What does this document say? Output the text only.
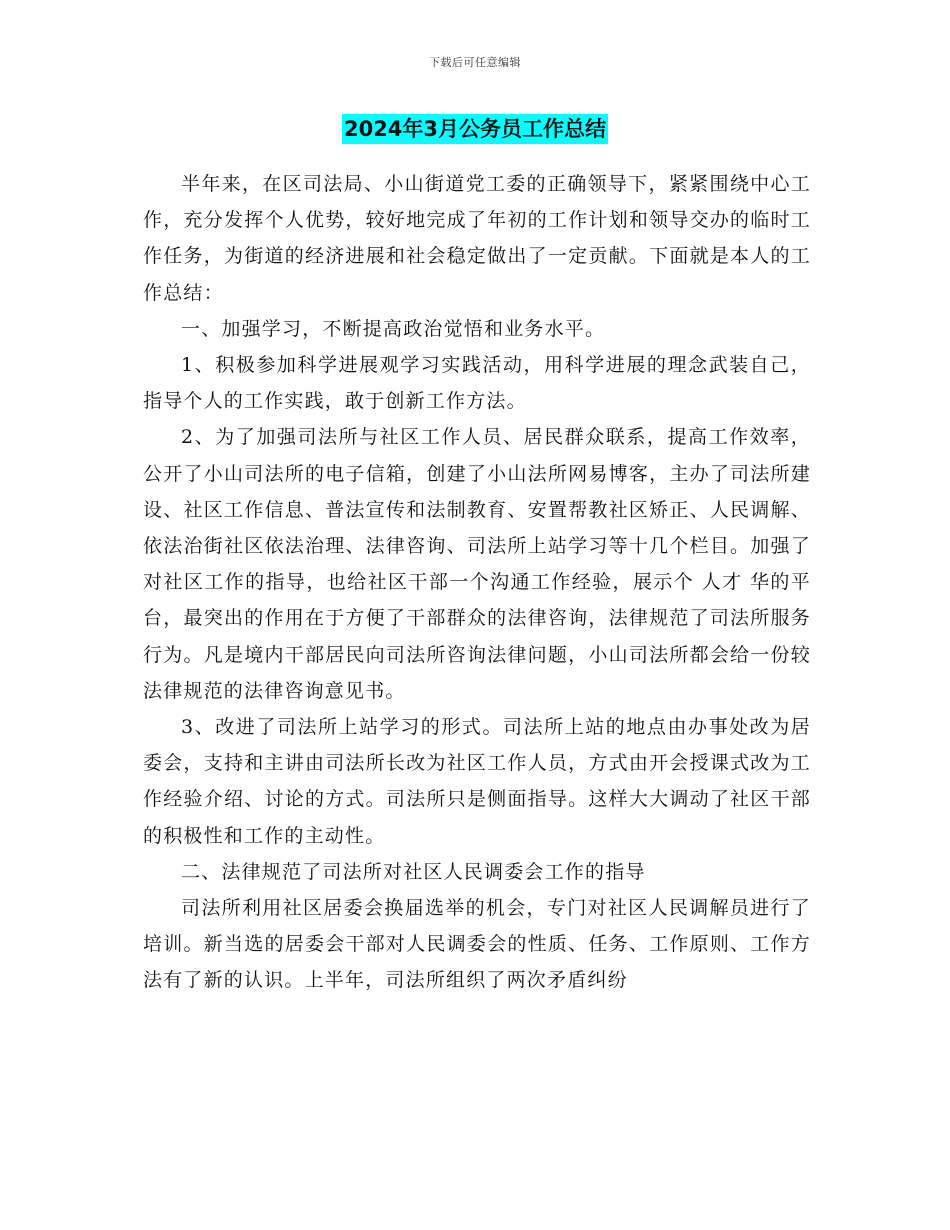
下载后可任意编辑
2024年3月公务员工作总结

半年来，在区司法局、小山街道党工委的正确领导下，紧紧围绕中心工作，充分发挥个人优势，较好地完成了年初的工作计划和领导交办的临时工作任务，为街道的经济进展和社会稳定做出了一定贡献。下面就是本人的工作总结：

一、加强学习，不断提高政治觉悟和业务水平。

1、积极参加科学进展观学习实践活动，用科学进展的理念武装自己，指导个人的工作实践，敢于创新工作方法。

2、为了加强司法所与社区工作人员、居民群众联系，提高工作效率，公开了小山司法所的电子信箱，创建了小山法所网易博客，主办了司法所建设、社区工作信息、普法宣传和法制教育、安置帮教社区矫正、人民调解、依法治街社区依法治理、法律咨询、司法所上站学习等十几个栏目。加强了对社区工作的指导，也给社区干部一个沟通工作经验，展示个 人才 华的平台，最突出的作用在于方便了干部群众的法律咨询，法律规范了司法所服务行为。凡是境内干部居民向司法所咨询法律问题，小山司法所都会给一份较法律规范的法律咨询意见书。

3、改进了司法所上站学习的形式。司法所上站的地点由办事处改为居委会，支持和主讲由司法所长改为社区工作人员，方式由开会授课式改为工作经验介绍、讨论的方式。司法所只是侧面指导。这样大大调动了社区干部的积极性和工作的主动性。

二、法律规范了司法所对社区人民调委会工作的指导

司法所利用社区居委会换届选举的机会，专门对社区人民调解员进行了培训。新当选的居委会干部对人民调委会的性质、任务、工作原则、工作方法有了新的认识。上半年，司法所组织了两次矛盾纠纷
